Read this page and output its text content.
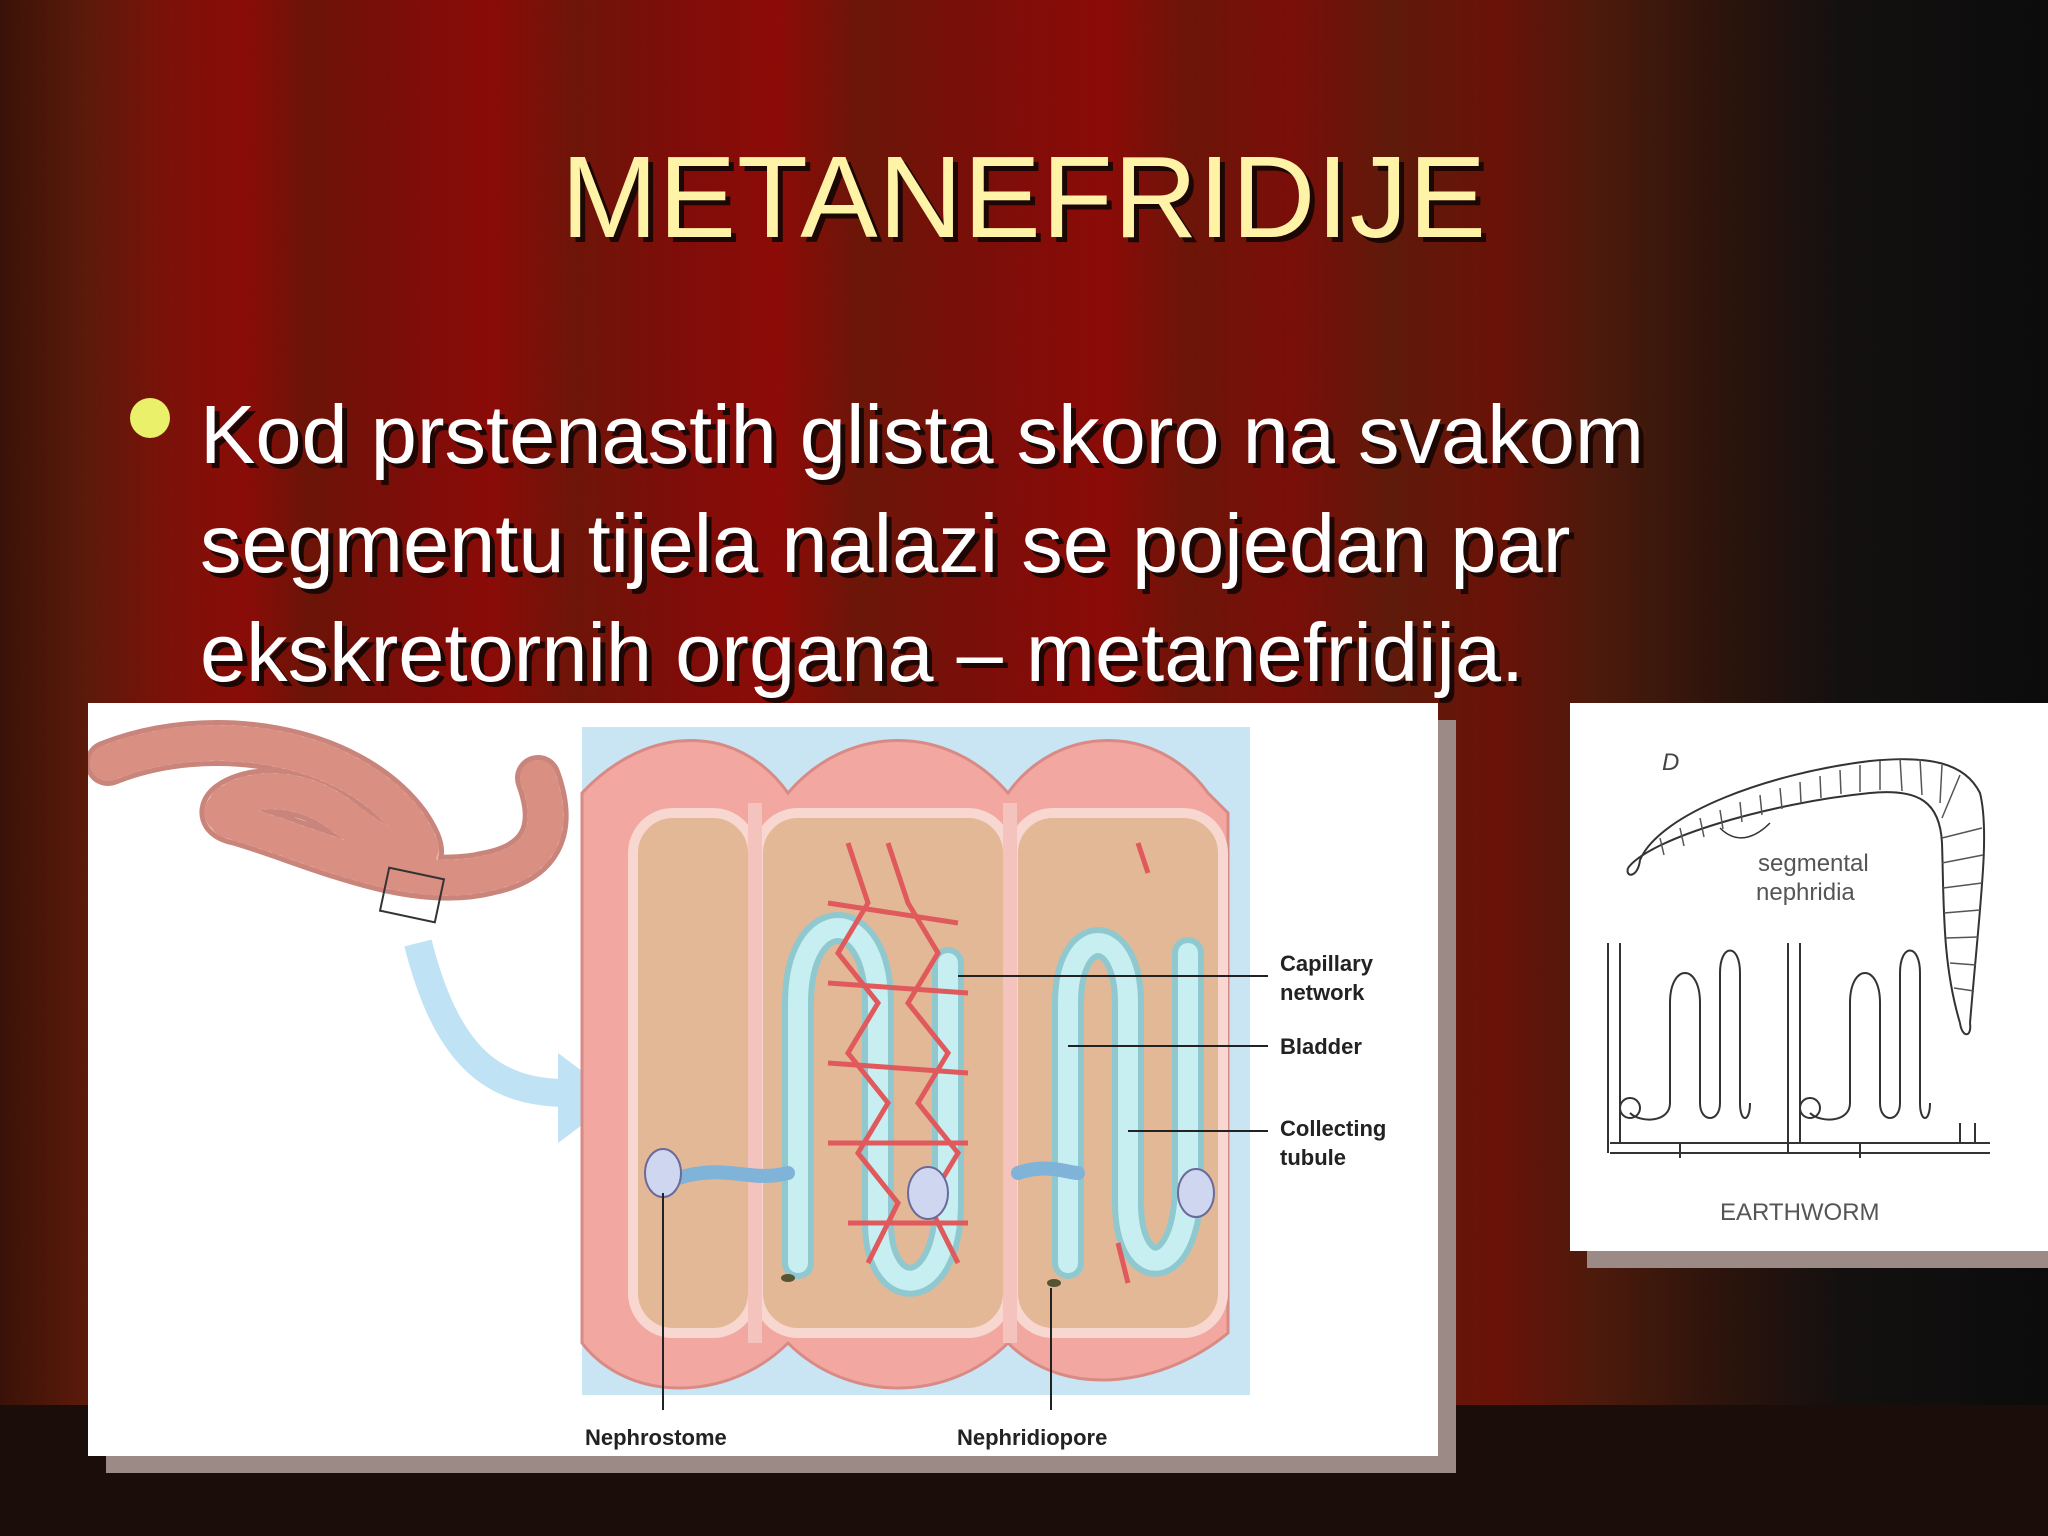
METANEFRIDIJE
Kod prstenastih glista skoro na svakom segmentu tijela nalazi se pojedan par ekskretornih organa – metanefridija.
Capillary
network
Bladder
Collecting
tubule
Nephrostome	Nephridiopore
D
segmental
nephridia
EARTHWORM
